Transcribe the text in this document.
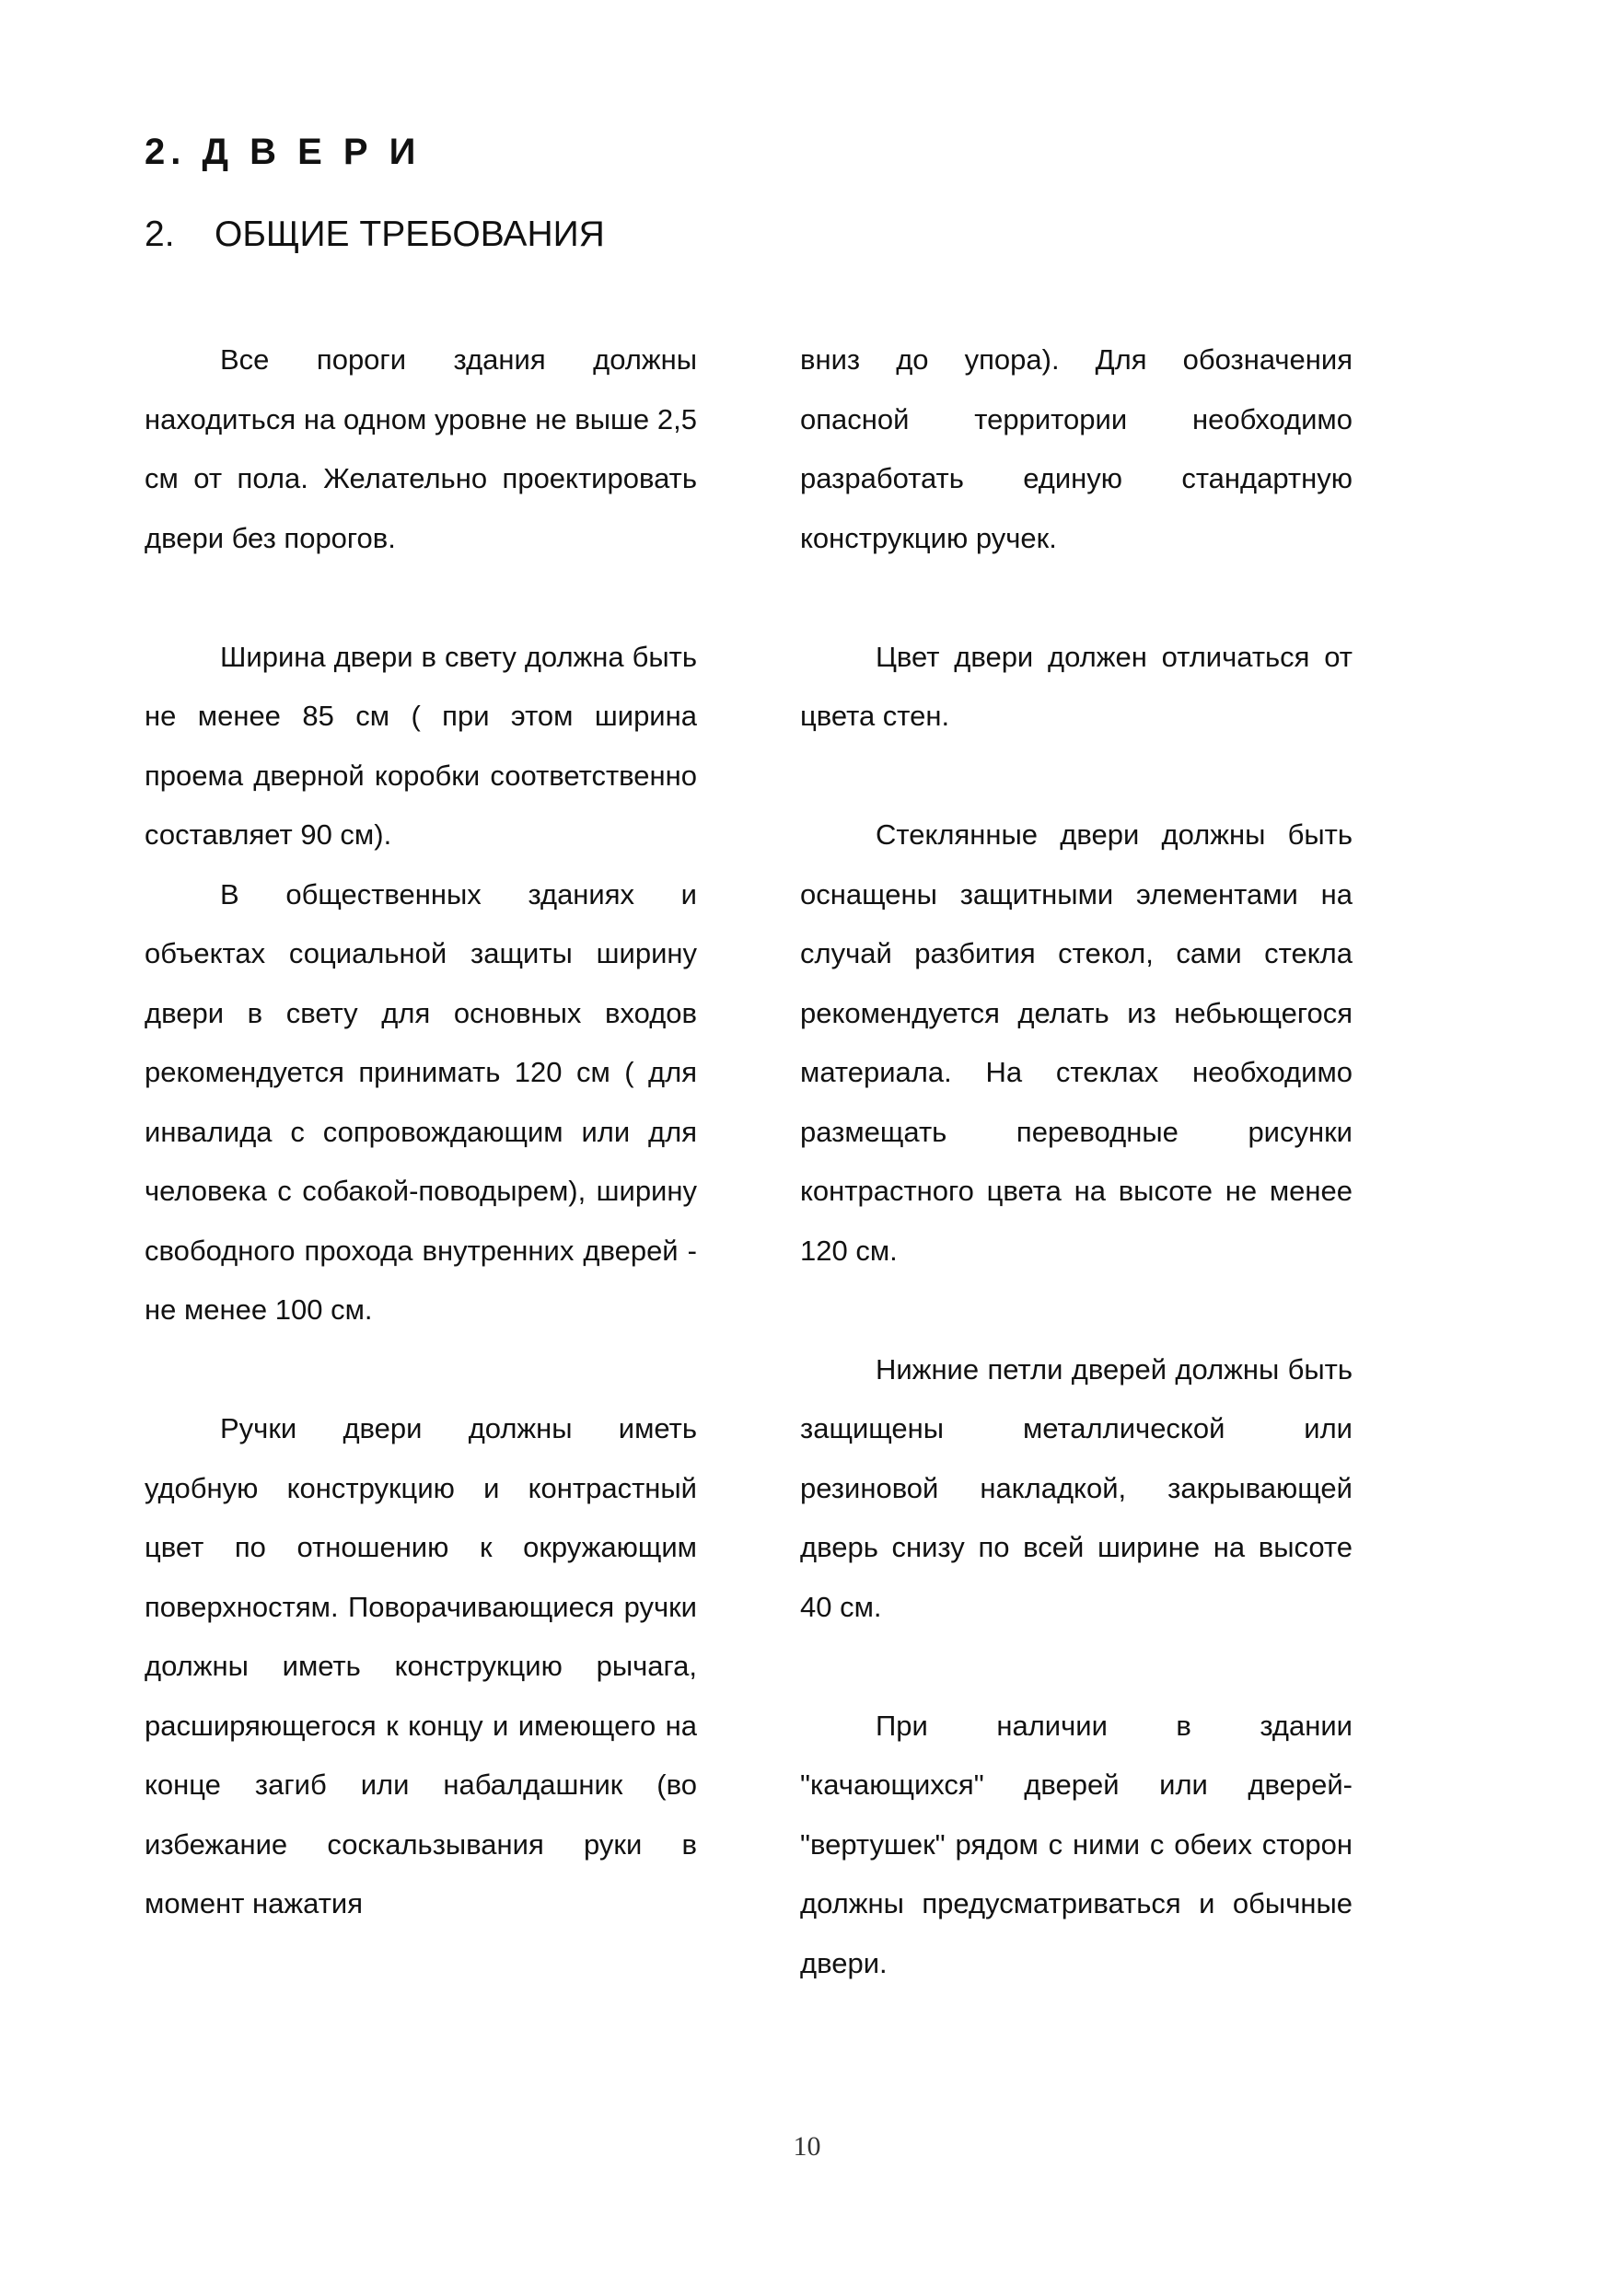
2. Д В Е Р И
2. ОБЩИЕ ТРЕБОВАНИЯ

Все пороги здания должны находиться на одном уровне не выше 2,5 см от пола. Желательно проектировать двери без порогов.

Ширина двери в свету должна быть не менее 85 см ( при этом ширина проема дверной коробки соответственно составляет 90 см).

В общественных зданиях и объектах социальной защиты ширину двери в свету для основных входов рекомендуется принимать 120 см ( для инвалида с сопровождающим или для человека с собакой-поводырем), ширину свободного прохода внутренних дверей - не менее 100 см.

Ручки двери должны иметь удобную конструкцию и контрастный цвет по отношению к окружающим поверхностям. Поворачивающиеся ручки должны иметь конструкцию рычага, расширяющегося к концу и имеющего на конце загиб или набалдашник (во избежание соскальзывания руки в момент нажатия

вниз до упора). Для обозначения опасной территории необходимо разработать единую стандартную конструкцию ручек.

Цвет двери должен отличаться от цвета стен.

Стеклянные двери должны быть оснащены защитными элементами на случай разбития стекол, сами стекла рекомендуется делать из небьющегося материала. На стеклах необходимо размещать переводные рисунки контрастного цвета на высоте не менее 120 см.

Нижние петли дверей должны быть защищены металлической или резиновой накладкой, закрывающей дверь снизу по всей ширине на высоте 40 см.

При наличии в здании "качающихся" дверей или дверей-"вертушек" рядом с ними с обеих сторон должны предусматриваться и обычные двери.

10
